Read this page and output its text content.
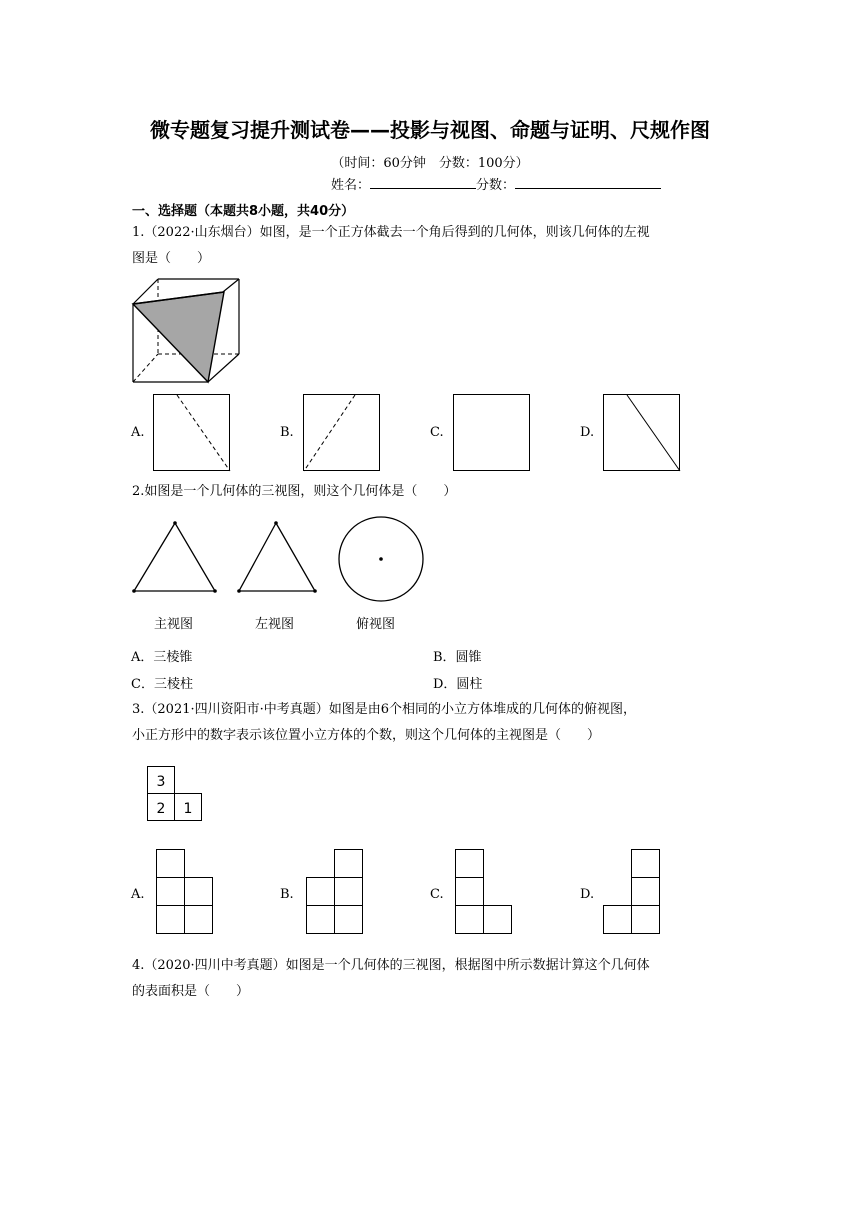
微专题复习提升测试卷——投影与视图、命题与证明、尺规作图
（时间：60分钟　分数：100分）
姓名：	分数：
一、选择题（本题共8小题，共40分）
1.（2022·山东烟台）如图，是一个正方体截去一个角后得到的几何体，则该几何体的左视
图是（　　）
A.	B.	C.	D.
2.如图是一个几何体的三视图，则这个几何体是（　　）
主视图	左视图	俯视图
A．三棱锥	B．圆锥
C．三棱柱	D．圆柱
3.（2021·四川资阳市·中考真题）如图是由6个相同的小立方体堆成的几何体的俯视图，
小正方形中的数字表示该位置小立方体的个数，则这个几何体的主视图是（　　）
3
2 1
A.	B.	C.	D.
4.（2020·四川中考真题）如图是一个几何体的三视图，根据图中所示数据计算这个几何体
的表面积是（　　）
